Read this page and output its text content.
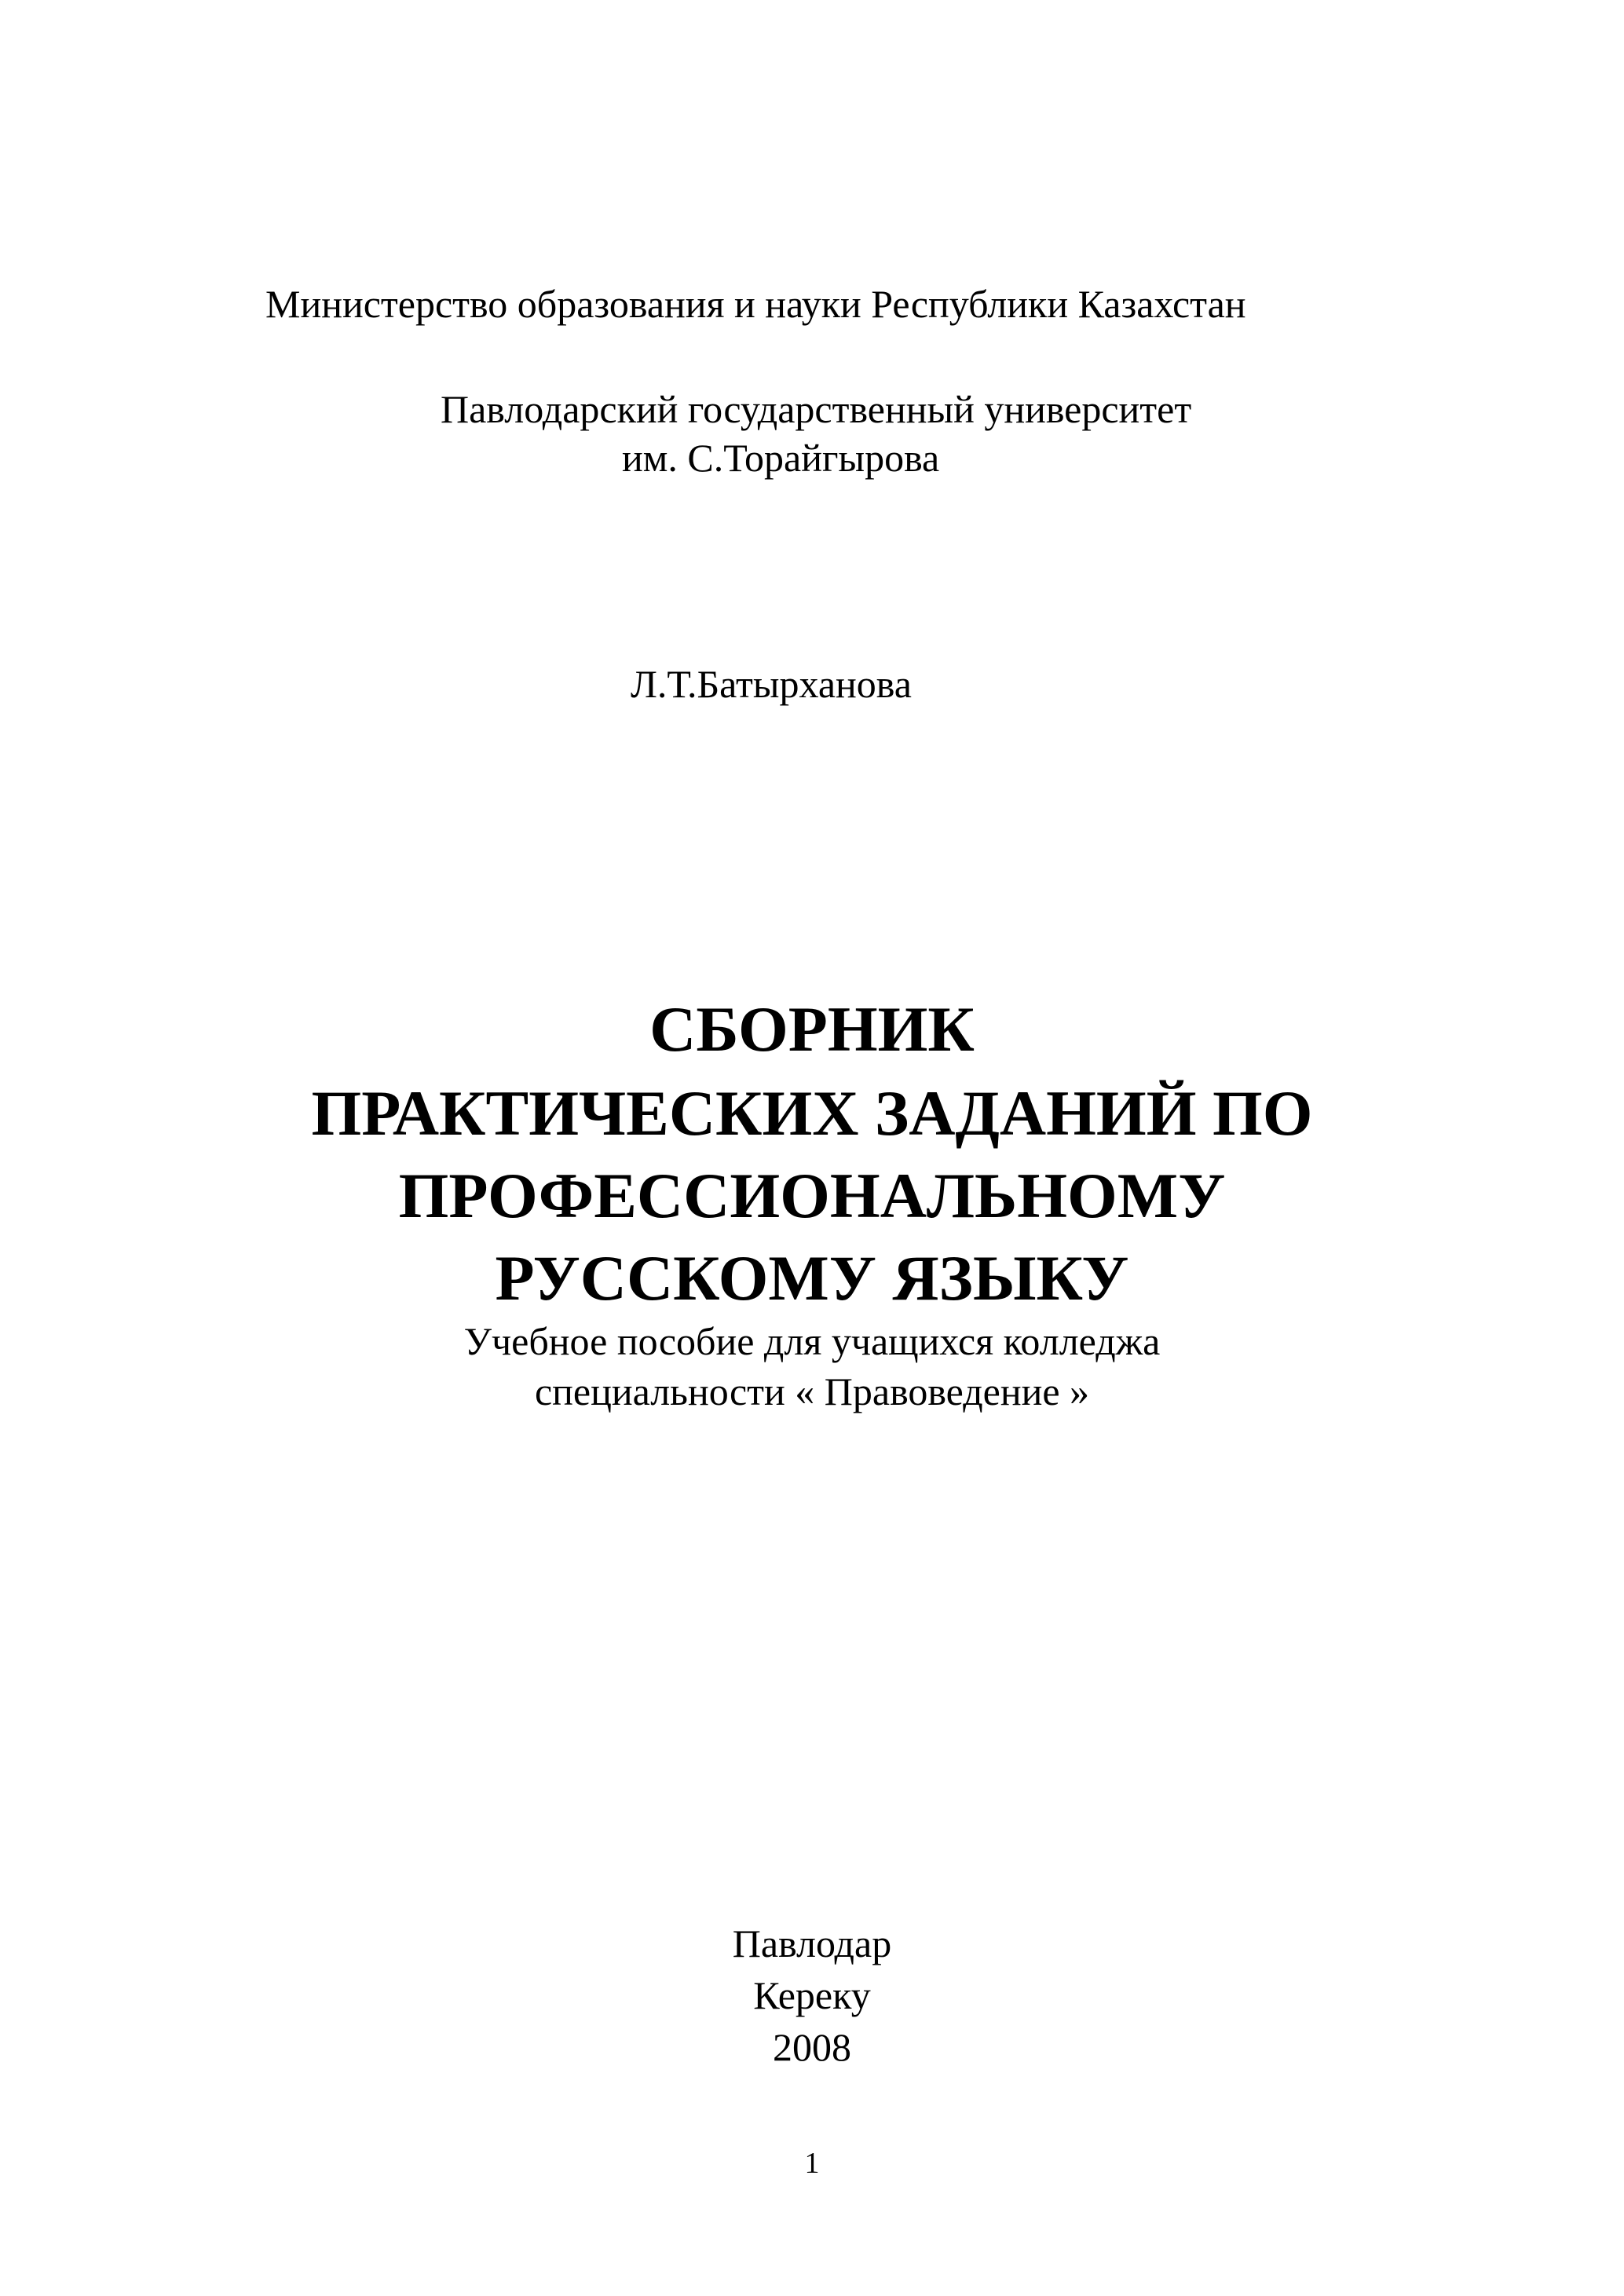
Министерство образования и науки Республики Казахстан
Павлодарский государственный университет
им. С.Торайгырова
Л.Т.Батырханова
СБОРНИК
ПРАКТИЧЕСКИХ ЗАДАНИЙ ПО
ПРОФЕССИОНАЛЬНОМУ
РУССКОМУ ЯЗЫКУ
Учебное пособие для учащихся колледжа
специальности « Правоведение »
Павлодар
Кереку
2008
1
